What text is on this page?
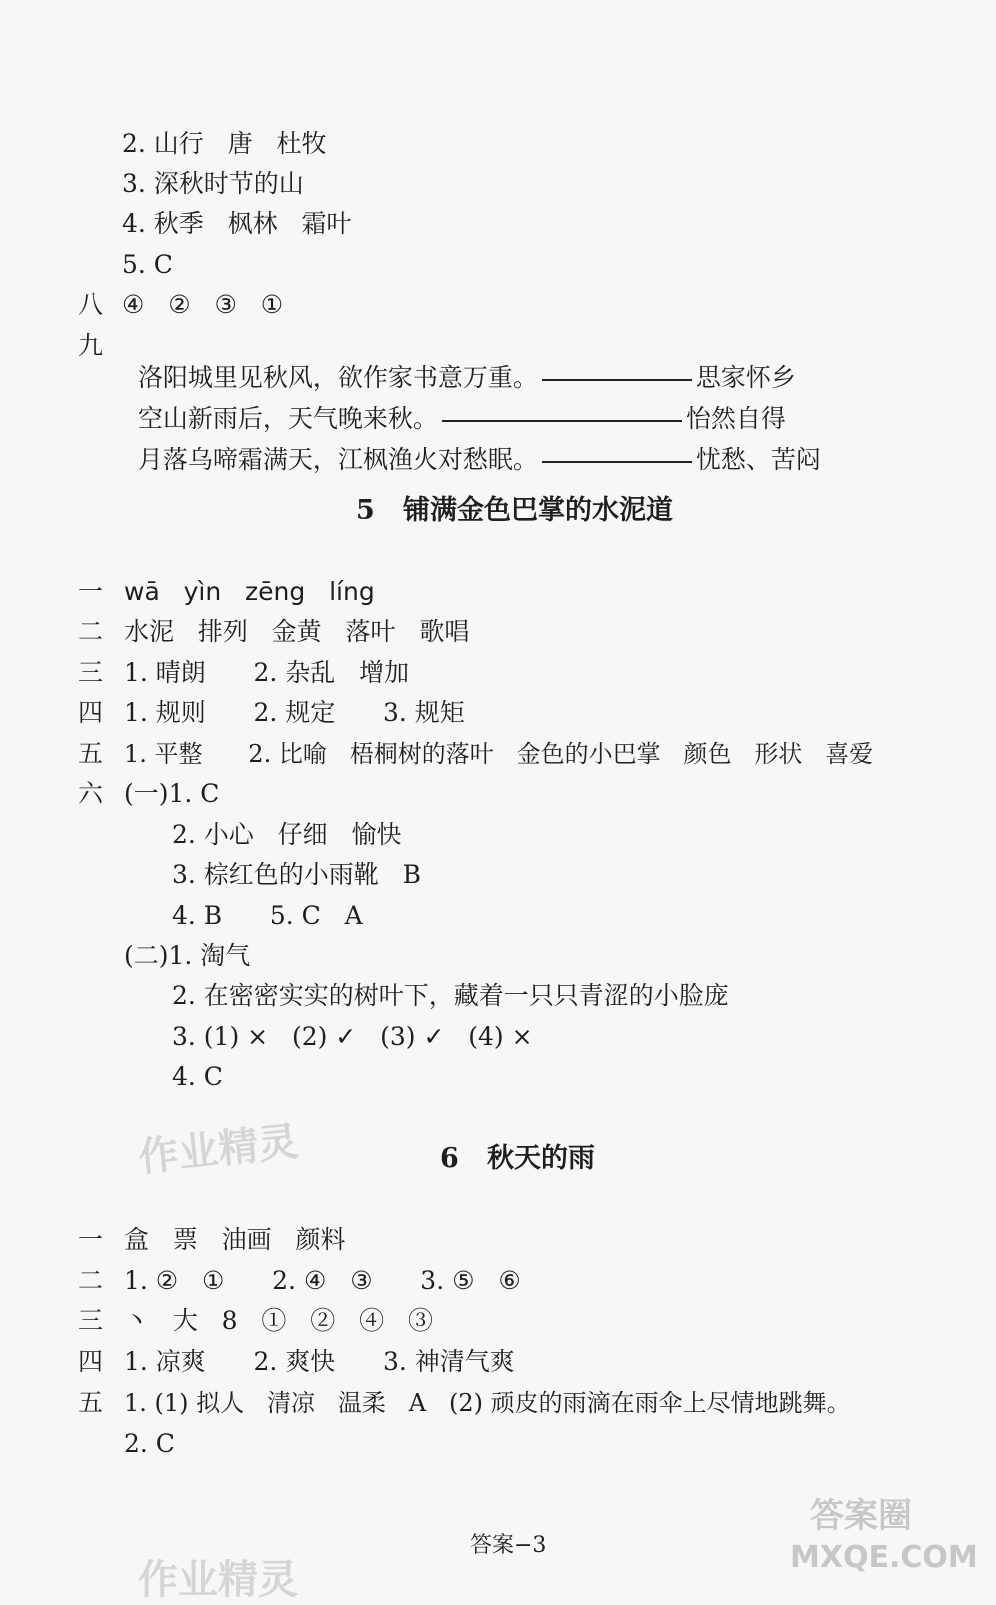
2. 山行   唐   杜牧
3. 深秋时节的山
4. 秋季   枫林   霜叶
5. C
八 ④   ②   ③   ①
九

洛阳城里见秋风，欲作家书意万重。	思家怀乡

空山新雨后，天气晚来秋。	怡然自得

月落乌啼霜满天，江枫渔火对愁眠。	忧愁、苦闷

5   铺满金色巴掌的水泥道
一 wā   yìn   zēng   líng
二 水泥   排列   金黄   落叶   歌唱
三 1. 晴朗      2. 杂乱   增加
四 1. 规则      2. 规定      3. 规矩
五 1. 平整      2. 比喻   梧桐树的落叶   金色的小巴掌   颜色   形状   喜爱
六 (一)1. C
2. 小心   仔细   愉快
3. 棕红色的小雨靴   B
4. B      5. C   A
(二)1. 淘气
2. 在密密实实的树叶下，藏着一只只青涩的小脸庞
3. (1) ×   (2) ✓   (3) ✓   (4) ×
4. C
作业精灵	6   秋天的雨
一 盒   票   油画   颜料
二 1. ②   ①      2. ④   ③      3. ⑤   ⑥
三 丶   大   8   ①   ②   ④   ③
四 1. 凉爽      2. 爽快      3. 神清气爽
五 1. (1) 拟人   清凉   温柔   A   (2) 顽皮的雨滴在雨伞上尽情地跳舞。
2. C
答案−3
作业精灵
答案圈
MXQE.COM
